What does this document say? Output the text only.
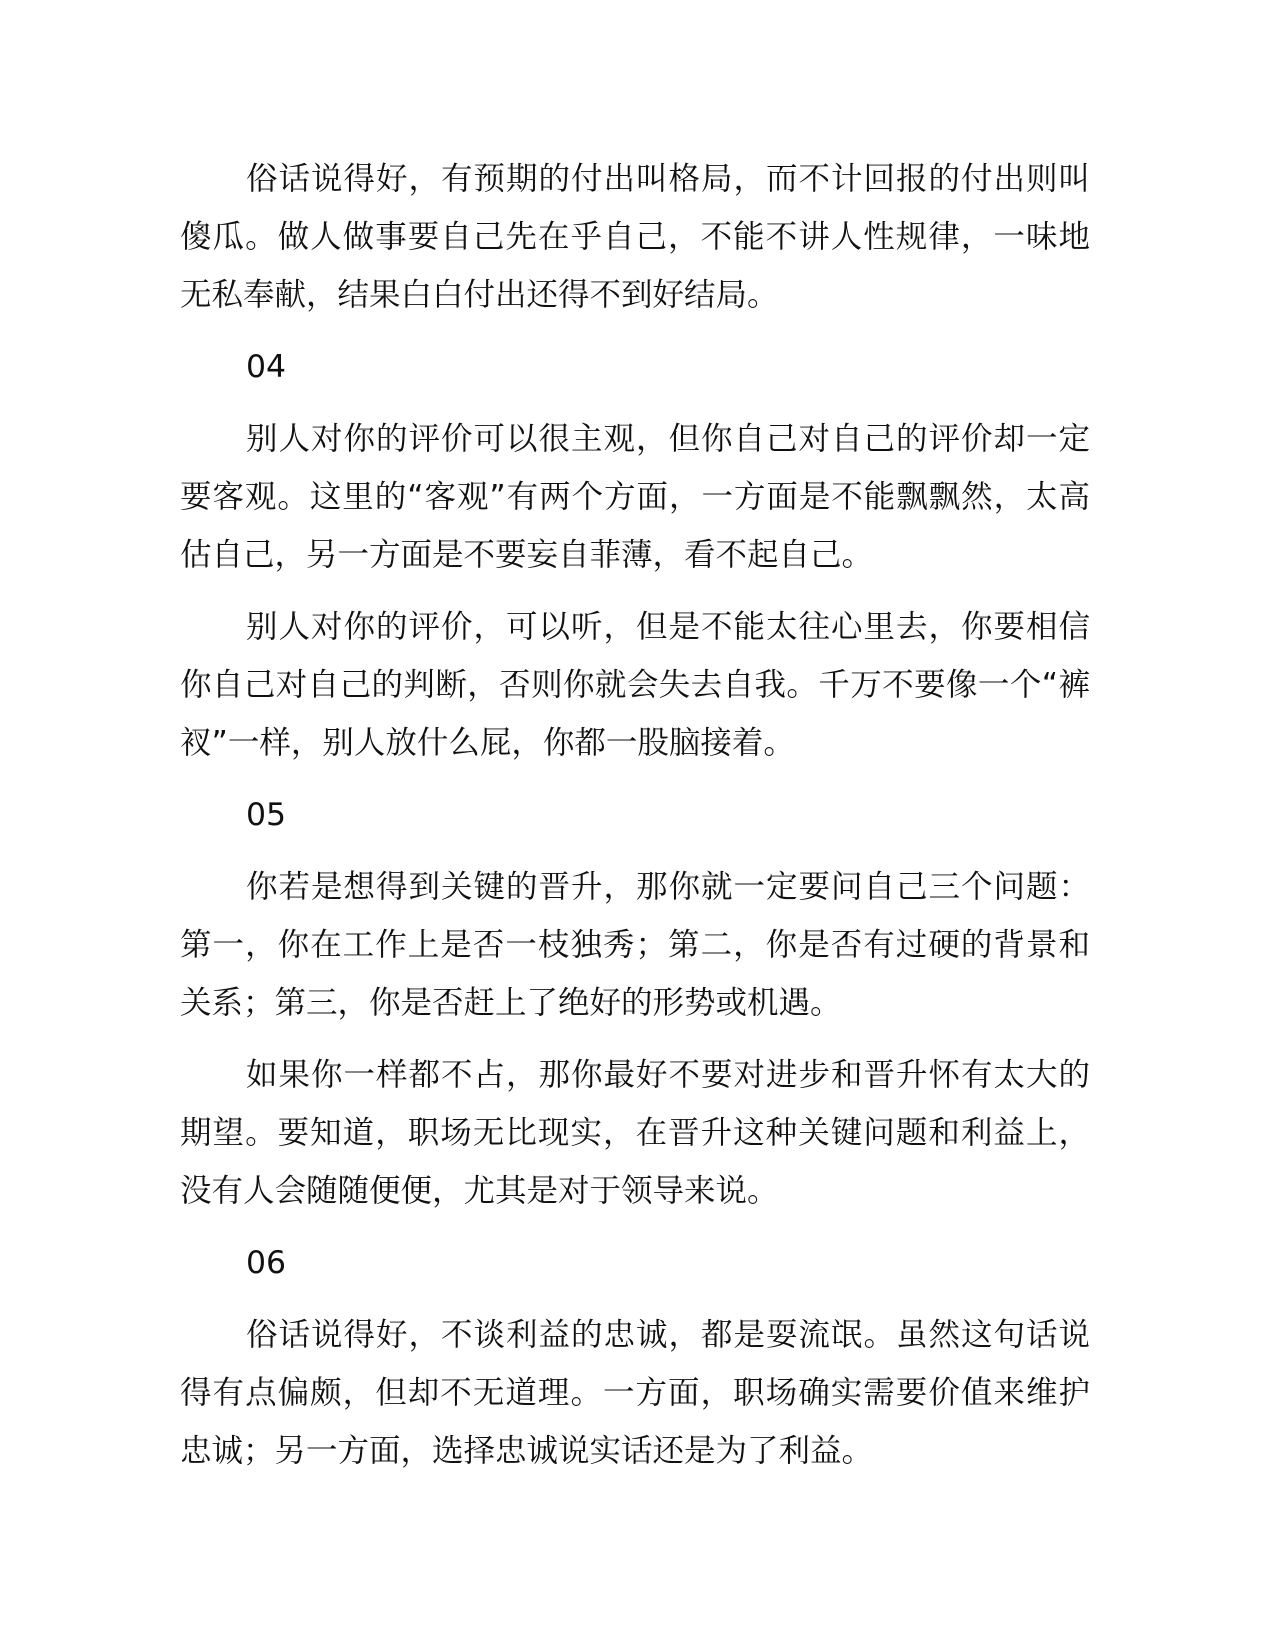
俗话说得好，有预期的付出叫格局，而不计回报的付出则叫傻瓜。做人做事要自己先在乎自己，不能不讲人性规律，一味地无私奉献，结果白白付出还得不到好结局。

04

别人对你的评价可以很主观，但你自己对自己的评价却一定要客观。这里的“客观”有两个方面，一方面是不能飘飘然，太高估自己，另一方面是不要妄自菲薄，看不起自己。

别人对你的评价，可以听，但是不能太往心里去，你要相信你自己对自己的判断，否则你就会失去自我。千万不要像一个“裤衩”一样，别人放什么屁，你都一股脑接着。

05

你若是想得到关键的晋升，那你就一定要问自己三个问题：第一，你在工作上是否一枝独秀；第二，你是否有过硬的背景和关系；第三，你是否赶上了绝好的形势或机遇。

如果你一样都不占，那你最好不要对进步和晋升怀有太大的期望。要知道，职场无比现实，在晋升这种关键问题和利益上，没有人会随随便便，尤其是对于领导来说。

06

俗话说得好，不谈利益的忠诚，都是耍流氓。虽然这句话说得有点偏颇，但却不无道理。一方面，职场确实需要价值来维护忠诚；另一方面，选择忠诚说实话还是为了利益。
